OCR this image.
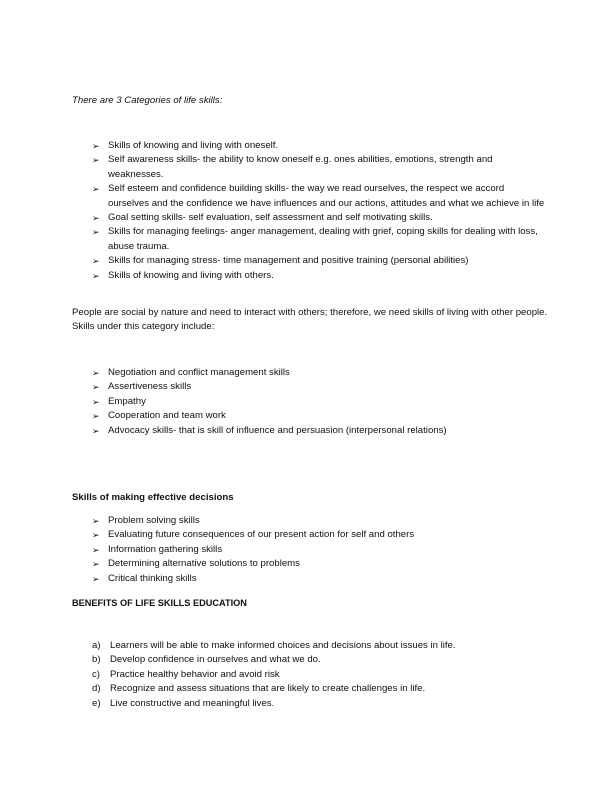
There are 3 Categories of life skills:
➢ Skills of knowing and living with oneself.
➢ Self awareness skills- the ability to know oneself e.g. ones abilities, emotions, strength and weaknesses.
➢ Self esteem and confidence building skills- the way we read ourselves, the respect we accord ourselves and the confidence we have influences and our actions, attitudes and what we achieve in life
➢ Goal setting skills- self evaluation, self assessment and self motivating skills.
➢ Skills for managing feelings- anger management, dealing with grief, coping skills for dealing with loss, abuse trauma.
➢ Skills for managing stress- time management and positive training (personal abilities)
➢ Skills of knowing and living with others.
People are social by nature and need to interact with others; therefore, we need skills of living with other people. Skills under this category include:
➢ Negotiation and conflict management skills
➢ Assertiveness skills
➢ Empathy
➢ Cooperation and team work
➢ Advocacy skills- that is skill of influence and persuasion (interpersonal relations)
Skills of making effective decisions
➢ Problem solving skills
➢ Evaluating future consequences of our present action for self and others
➢ Information gathering skills
➢ Determining alternative solutions to problems
➢ Critical thinking skills
BENEFITS OF LIFE SKILLS EDUCATION
a) Learners will be able to make informed choices and decisions about issues in life.
b) Develop confidence in ourselves and what we do.
c) Practice healthy behavior and avoid risk
d) Recognize and assess situations that are likely to create challenges in life.
e) Live constructive and meaningful lives.
